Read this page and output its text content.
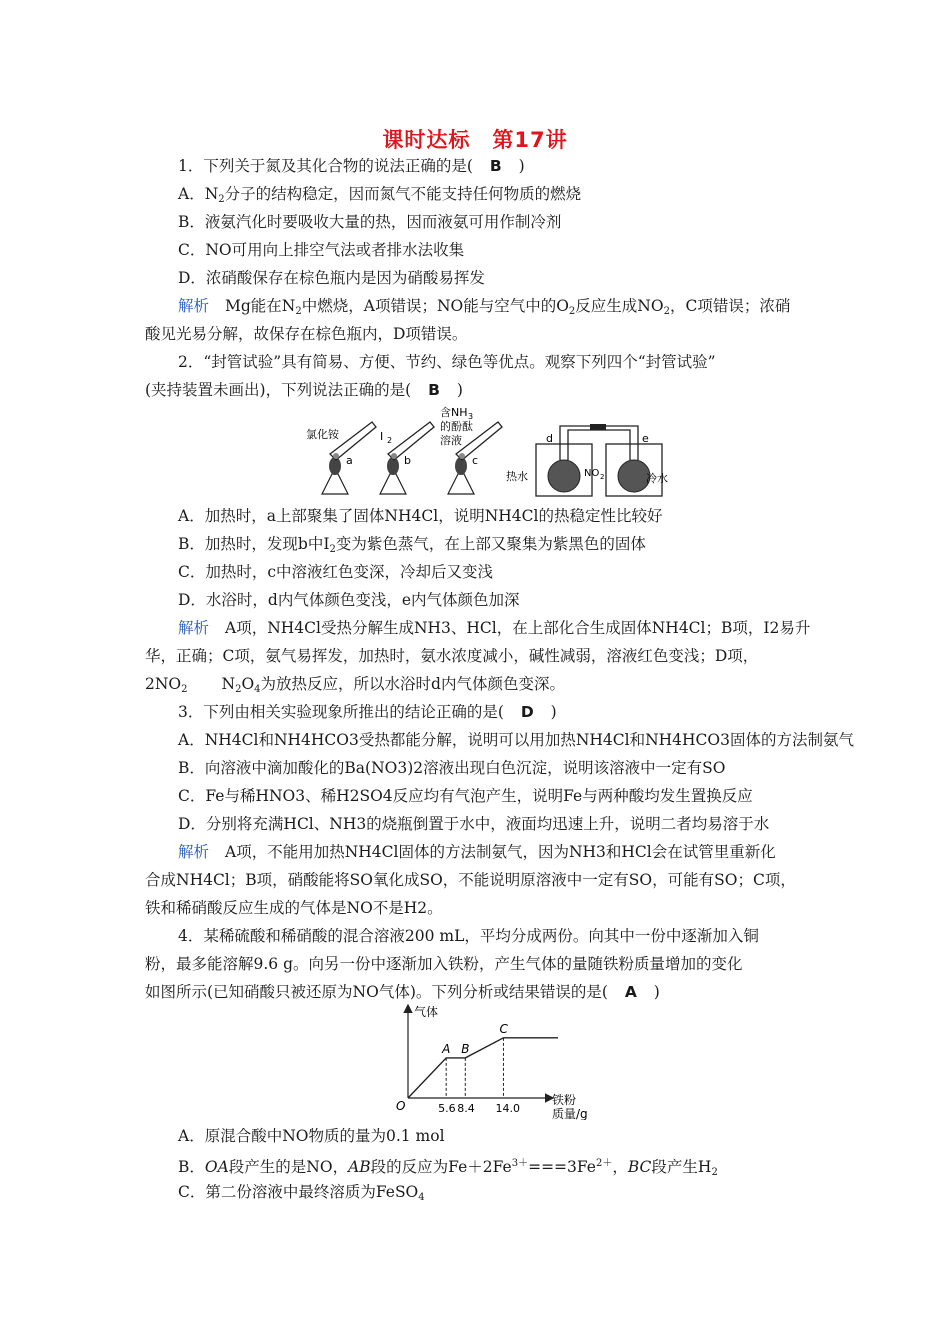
课时达标　第17讲
1．下列关于氮及其化合物的说法正确的是( B )
A．$N_2$分子的结构稳定，因而氮气不能支持任何物质的燃烧
B．液氨汽化时要吸收大量的热，因而液氨可用作制冷剂
C．NO可用向上排空气法或者排水法收集
D．浓硝酸保存在棕色瓶内是因为硝酸易挥发
解析 Mg能在$N_2$中燃烧，A项错误；NO能与空气中的$O_2$反应生成$NO_2$，C项错误；浓硝
酸见光易分解，故保存在棕色瓶内，D项错误。
2．“封管试验”具有简易、方便、节约、绿色等优点。观察下列四个“封管试验”
(夹持装置未画出)，下列说法正确的是( B )
氯化铵
a
I 2
b
含NH 3
的酚酞
溶液
c
d	e
热水	NO 2	冷水
A．加热时，a上部聚集了固体NH4Cl，说明NH4Cl的热稳定性比较好
B．加热时，发现b中$I_2$变为紫色蒸气，在上部又聚集为紫黑色的固体
C．加热时，c中溶液红色变深，冷却后又变浅
D．水浴时，d内气体颜色变浅，e内气体颜色加深
解析 A项，NH4Cl受热分解生成NH3、HCl，在上部化合生成固体NH4Cl；B项，I2易升
华，正确；C项，氨气易挥发，加热时，氨水浓度减小，碱性减弱，溶液红色变浅；D项，
$2NO_2$ $N_2O_4$为放热反应，所以水浴时d内气体颜色变深。
3．下列由相关实验现象所推出的结论正确的是( D )
A．NH4Cl和NH4HCO3受热都能分解，说明可以用加热NH4Cl和NH4HCO3固体的方法制氨气
B．向溶液中滴加酸化的Ba(NO3)2溶液出现白色沉淀，说明该溶液中一定有SO
C．Fe与稀HNO3、稀H2SO4反应均有气泡产生，说明Fe与两种酸均发生置换反应
D．分别将充满HCl、NH3的烧瓶倒置于水中，液面均迅速上升，说明二者均易溶于水
解析 A项，不能用加热NH4Cl固体的方法制氨气，因为NH3和HCl会在试管里重新化
合成NH4Cl；B项，硝酸能将SO氧化成SO，不能说明原溶液中一定有SO，可能有SO；C项，
铁和稀硝酸反应生成的气体是NO不是H2。
4．某稀硫酸和稀硝酸的混合溶液200 mL，平均分成两份。向其中一份中逐渐加入铜
粉，最多能溶解9.6 g。向另一份中逐渐加入铁粉，产生气体的量随铁粉质量增加的变化
如图所示(已知硝酸只被还原为NO气体)。下列分析或结果错误的是( A )
气体
铁粉
质量/g
O
A
5.6
B
8.4
C
14.0
A．原混合酸中NO物质的量为0.1 mol
B．OA段产生的是NO，AB段的反应为$Fe+2Fe^{3+}===3Fe^{2+}$，BC段产生$H_2$
C．第二份溶液中最终溶质为FeSO$_4$
